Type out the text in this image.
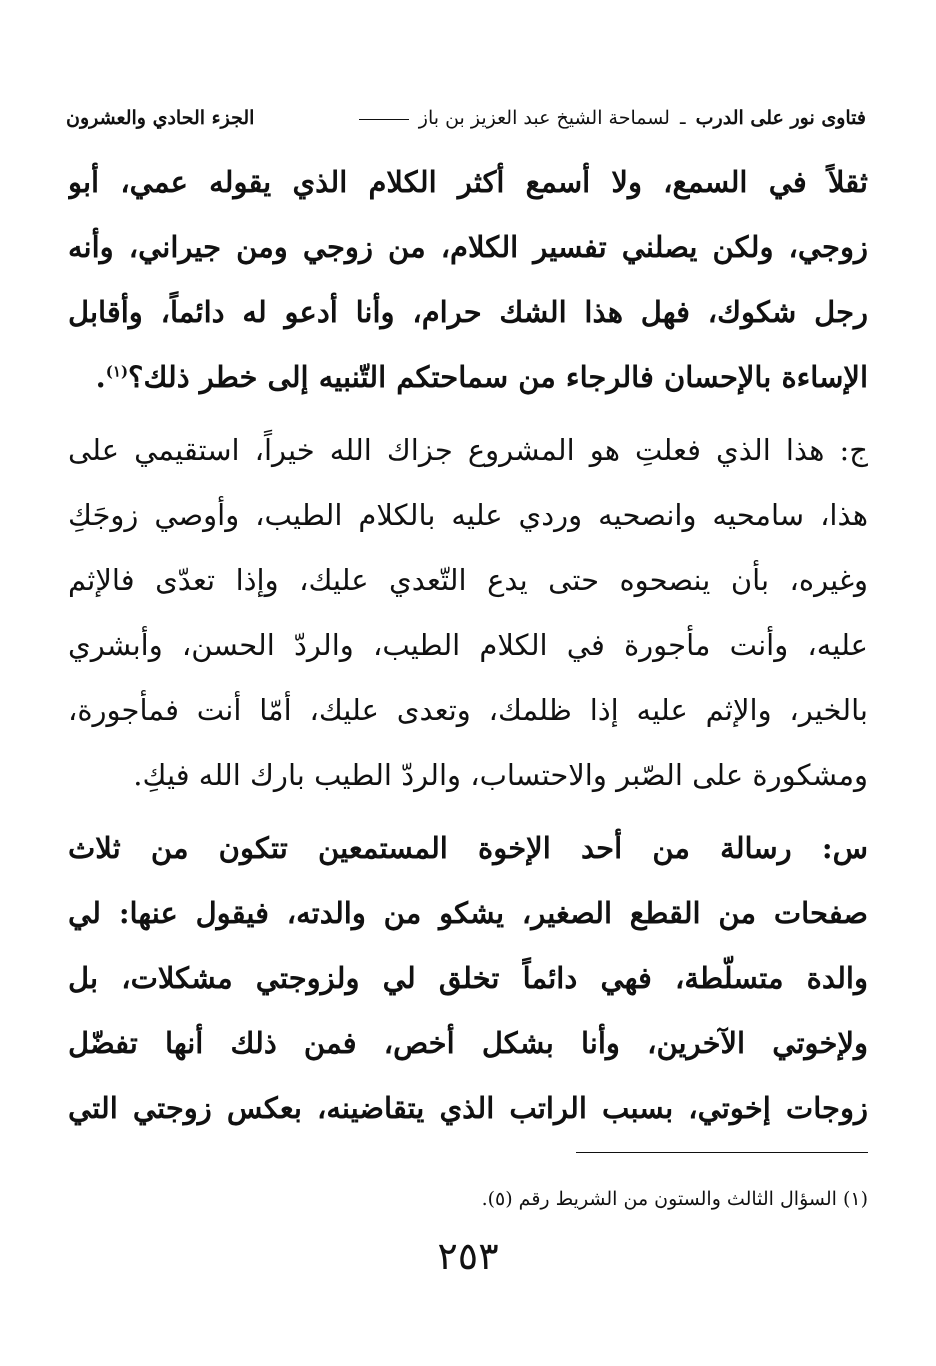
فتاوى نور على الدرب ـ لسماحة الشيخ عبد العزيز بن باز
الجزء الحادي والعشرون
ثقلاً في السمع، ولا أسمع أكثر الكلام الذي يقوله عمي، أبو
زوجي، ولكن يصلني تفسير الكلام، من زوجي ومن جيراني، وأنه
رجل شكوك، فهل هذا الشك حرام، وأنا أدعو له دائماً، وأقابل
الإساءة بالإحسان فالرجاء من سماحتكم التّنبيه إلى خطر ذلك؟$^{(١)}$.
ج: هذا الذي فعلتِ هو المشروع جزاك الله خيراً، استقيمي على
هذا، سامحيه وانصحيه وردي عليه بالكلام الطيب، وأوصي زوجَكِ
وغيره، بأن ينصحوه حتى يدع التّعدي عليك، وإذا تعدّى فالإثم
عليه، وأنت مأجورة في الكلام الطيب، والردّ الحسن، وأبشري
بالخير، والإثم عليه إذا ظلمك، وتعدى عليك، أمّا أنت فمأجورة،
ومشكورة على الصّبر والاحتساب، والردّ الطيب بارك الله فيكِ.
س: رسالة من أحد الإخوة المستمعين تتكون من ثلاث
صفحات من القطع الصغير، يشكو من والدته، فيقول عنها: لي
والدة متسلّطة، فهي دائماً تخلق لي ولزوجتي مشكلات، بل
ولإخوتي الآخرين، وأنا بشكل أخص، فمن ذلك أنها تفضّل
زوجات إخوتي، بسبب الراتب الذي يتقاضينه، بعكس زوجتي التي
(١) السؤال الثالث والستون من الشريط رقم (٥).
٢٥٣
